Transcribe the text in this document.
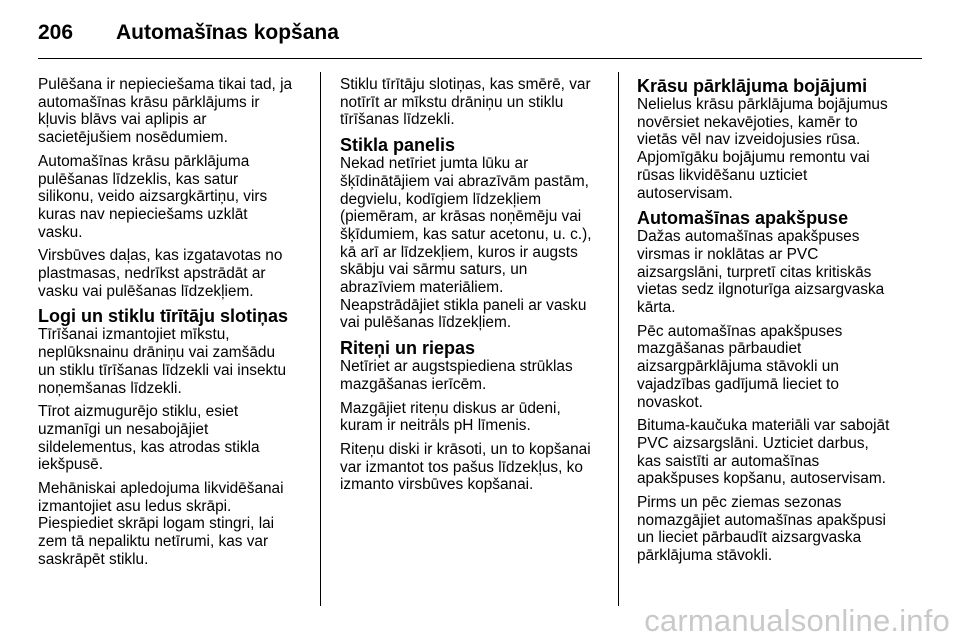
206	Automašīnas kopšana

Pulēšana ir nepieciešama tikai tad, ja
automašīnas krāsu pārklājums ir
kļuvis blāvs vai aplipis ar
sacietējušiem nosēdumiem.

Automašīnas krāsu pārklājuma
pulēšanas līdzeklis, kas satur
silikonu, veido aizsargkārtiņu, virs
kuras nav nepieciešams uzklāt
vasku.

Virsbūves daļas, kas izgatavotas no
plastmasas, nedrīkst apstrādāt ar
vasku vai pulēšanas līdzekļiem.

Logi un stiklu tīrītāju slotiņas

Tīrīšanai izmantojiet mīkstu,
neplūksnainu drāniņu vai zamšādu
un stiklu tīrīšanas līdzekli vai insektu
noņemšanas līdzekli.

Tīrot aizmugurējo stiklu, esiet
uzmanīgi un nesabojājiet
sildelementus, kas atrodas stikla
iekšpusē.

Mehāniskai apledojuma likvidēšanai
izmantojiet asu ledus skrāpi.
Piespiediet skrāpi logam stingri, lai
zem tā nepaliktu netīrumi, kas var
saskrāpēt stiklu.

Stiklu tīrītāju slotiņas, kas smērē, var
notīrīt ar mīkstu drāniņu un stiklu
tīrīšanas līdzekli.

Stikla panelis

Nekad netīriet jumta lūku ar
šķīdinātājiem vai abrazīvām pastām,
degvielu, kodīgiem līdzekļiem
(piemēram, ar krāsas noņēmēju vai
šķīdumiem, kas satur acetonu, u. c.),
kā arī ar līdzekļiem, kuros ir augsts
skābju vai sārmu saturs, un
abrazīviem materiāliem.
Neapstrādājiet stikla paneli ar vasku
vai pulēšanas līdzekļiem.

Riteņi un riepas

Netīriet ar augstspiediena strūklas
mazgāšanas ierīcēm.

Mazgājiet riteņu diskus ar ūdeni,
kuram ir neitrāls pH līmenis.

Riteņu diski ir krāsoti, un to kopšanai
var izmantot tos pašus līdzekļus, ko
izmanto virsbūves kopšanai.

Krāsu pārklājuma bojājumi

Nelielus krāsu pārklājuma bojājumus
novērsiet nekavējoties, kamēr to
vietās vēl nav izveidojusies rūsa.
Apjomīgāku bojājumu remontu vai
rūsas likvidēšanu uzticiet
autoservisam.

Automašīnas apakšpuse

Dažas automašīnas apakšpuses
virsmas ir noklātas ar PVC
aizsargslāni, turpretī citas kritiskās
vietas sedz ilgnoturīga aizsargvaska
kārta.

Pēc automašīnas apakšpuses
mazgāšanas pārbaudiet
aizsargpārklājuma stāvokli un
vajadzības gadījumā lieciet to
novaskot.

Bituma-kaučuka materiāli var sabojāt
PVC aizsargslāni. Uzticiet darbus,
kas saistīti ar automašīnas
apakšpuses kopšanu, autoservisam.

Pirms un pēc ziemas sezonas
nomazgājiet automašīnas apakšpusi
un lieciet pārbaudīt aizsargvaska
pārklājuma stāvokli.

carmanualsonline.info
